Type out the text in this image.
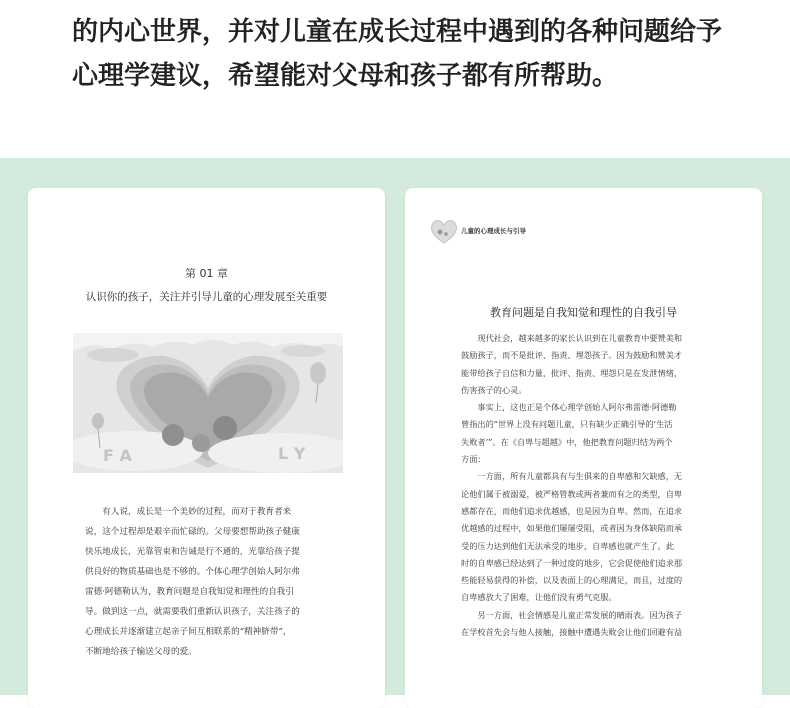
的内心世界，并对儿童在成长过程中遇到的各种问题给予

心理学建议，希望能对父母和孩子都有所帮助。

第 01 章
认识你的孩子，关注并引导儿童的心理发展至关重要
F A	L Y

有人说，成长是一个美妙的过程，而对于教育者来

说，这个过程却是艰辛而忙碌的。父母要想帮助孩子健康

快乐地成长，光靠管束和告诫是行不通的，光靠给孩子提

供良好的物质基础也是不够的。个体心理学创始人阿尔弗

雷德·阿德勒认为，教育问题是自我知觉和理性的自我引

导。做到这一点，就需要我们重新认识孩子，关注孩子的

心理成长并逐渐建立起亲子间互相联系的“精神脐带”，

不断地给孩子输送父母的爱。

儿童的心理成长与引导
教育问题是自我知觉和理性的自我引导

现代社会，越来越多的家长认识到在儿童教育中要赞美和

鼓励孩子，而不是批评、指责、埋怨孩子。因为鼓励和赞美才

能带给孩子自信和力量，批评、指责、埋怨只是在发泄情绪，

伤害孩子的心灵。

事实上，这也正是个体心理学创始人阿尔弗雷德·阿德勒

曾指出的“世界上没有问题儿童，只有缺少正确引导的‘生活

失败者’”。在《自卑与超越》中，他把教育问题归结为两个

方面：

一方面，所有儿童都具有与生俱来的自卑感和欠缺感，无

论他们属于被溺爱，被严格管教或两者兼而有之的类型，自卑

感都存在，而他们追求优越感，也是因为自卑。然而，在追求

优越感的过程中，如果他们屡屡受阻，或者因为身体缺陷而承

受的压力达到他们无法承受的地步，自卑感也就产生了。此

时的自卑感已经达到了一种过度的地步，它会促使他们追求那

些能轻易获得的补偿，以及表面上的心理满足，而且，过度的

自卑感放大了困难，让他们没有勇气克服。

另一方面，社会情感是儿童正常发展的晴雨表。因为孩子

在学校首先会与他人接触，接触中遭遇失败会让他们回避有益
